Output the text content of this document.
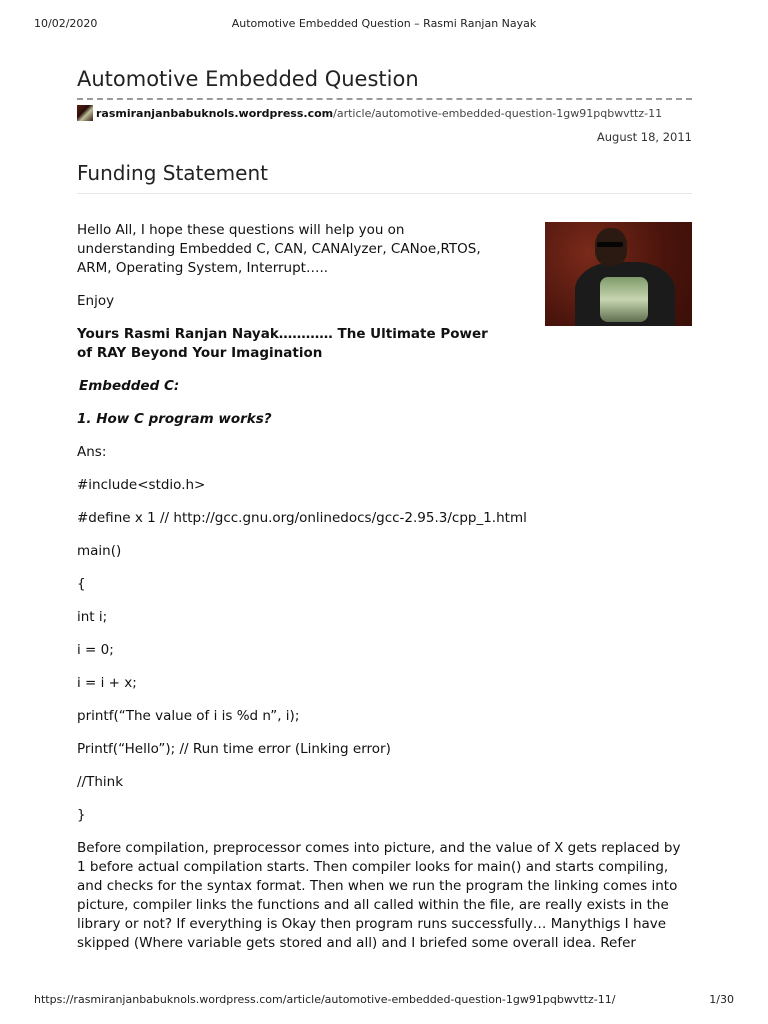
10/02/2020	Automotive Embedded Question – Rasmi Ranjan Nayak
Automotive Embedded Question
rasmiranjanbabuknols.wordpress.com /article/automotive-embedded-question-1gw91pqbwvttz-11
August 18, 2011
Funding Statement

Hello All, I hope these questions will help you on understanding Embedded C, CAN, CANAlyzer, CANoe,RTOS, ARM, Operating System, Interrupt…..

Enjoy

Yours Rasmi Ranjan Nayak………… The Ultimate Power of RAY Beyond Your Imagination

Embedded C:

1. How C program works?

Ans:

#include<stdio.h>

#define x 1 // http://gcc.gnu.org/onlinedocs/gcc-2.95.3/cpp_1.html

main()

{

int i;

i = 0;

i = i + x;

printf(“The value of i is %d n”, i);

Printf(“Hello”); // Run time error (Linking error)

//Think

}

Before compilation, preprocessor comes into picture, and the value of X gets replaced by 1 before actual compilation starts. Then compiler looks for main() and starts compiling, and checks for the syntax format. Then when we run the program the linking comes into picture, compiler links the functions and all called within the file, are really exists in the library or not? If everything is Okay then program runs successfully… Manythigs I have skipped (Where variable gets stored and all) and I briefed some overall idea. Refer

https://rasmiranjanbabuknols.wordpress.com/article/automotive-embedded-question-1gw91pqbwvttz-11/	1/30
